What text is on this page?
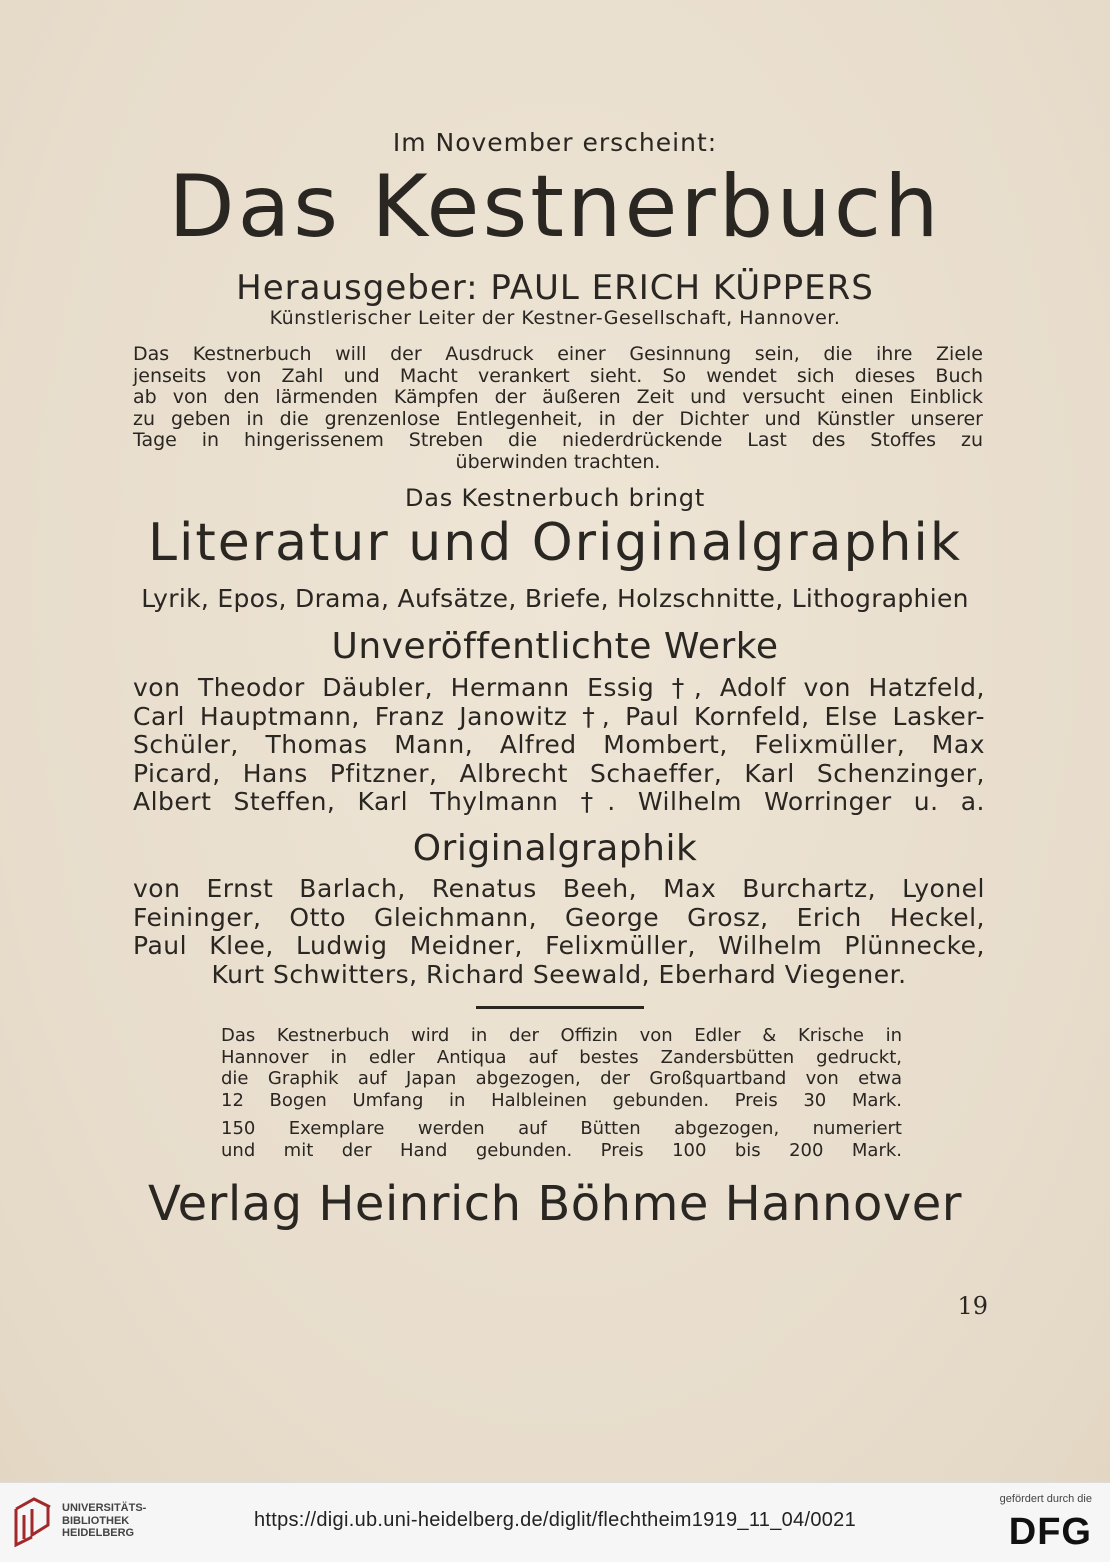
Im November erscheint:
Das Kestnerbuch
Herausgeber: PAUL ERICH KÜPPERS
Künstlerischer Leiter der Kestner-Gesellschaft, Hannover.
Das Kestnerbuch will der Ausdruck einer Gesinnung sein, die ihre Ziele
jenseits von Zahl und Macht verankert sieht. So wendet sich dieses Buch
ab von den lärmenden Kämpfen der äußeren Zeit und versucht einen Einblick
zu geben in die grenzenlose Entlegenheit, in der Dichter und Künstler unserer
Tage in hingerissenem Streben die niederdrückende Last des Stoffes zu
überwinden trachten.
Das Kestnerbuch bringt
Literatur und Originalgraphik
Lyrik, Epos, Drama, Aufsätze, Briefe, Holzschnitte, Lithographien
Unveröffentlichte Werke
von Theodor Däubler, Hermann Essig †, Adolf von Hatzfeld,
Carl Hauptmann, Franz Janowitz †, Paul Kornfeld, Else Lasker-
Schüler, Thomas Mann, Alfred Mombert, Felixmüller, Max
Picard, Hans Pfitzner, Albrecht Schaeffer, Karl Schenzinger,
Albert Steffen, Karl Thylmann †. Wilhelm Worringer u. a.
Originalgraphik
von Ernst Barlach, Renatus Beeh, Max Burchartz, Lyonel
Feininger, Otto Gleichmann, George Grosz, Erich Heckel,
Paul Klee, Ludwig Meidner, Felixmüller, Wilhelm Plünnecke,
Kurt Schwitters, Richard Seewald, Eberhard Viegener.
Das Kestnerbuch wird in der Offizin von Edler & Krische in
Hannover in edler Antiqua auf bestes Zandersbütten gedruckt,
die Graphik auf Japan abgezogen, der Großquartband von etwa
12 Bogen Umfang in Halbleinen gebunden. Preis 30 Mark.
150 Exemplare werden auf Bütten abgezogen, numeriert
und mit der Hand gebunden. Preis 100 bis 200 Mark.
Verlag Heinrich Böhme Hannover
19
UNIVERSITÄTS-
BIBLIOTHEK
HEIDELBERG
https://digi.ub.uni-heidelberg.de/diglit/flechtheim1919_11_04/0021
gefördert durch die
DFG
